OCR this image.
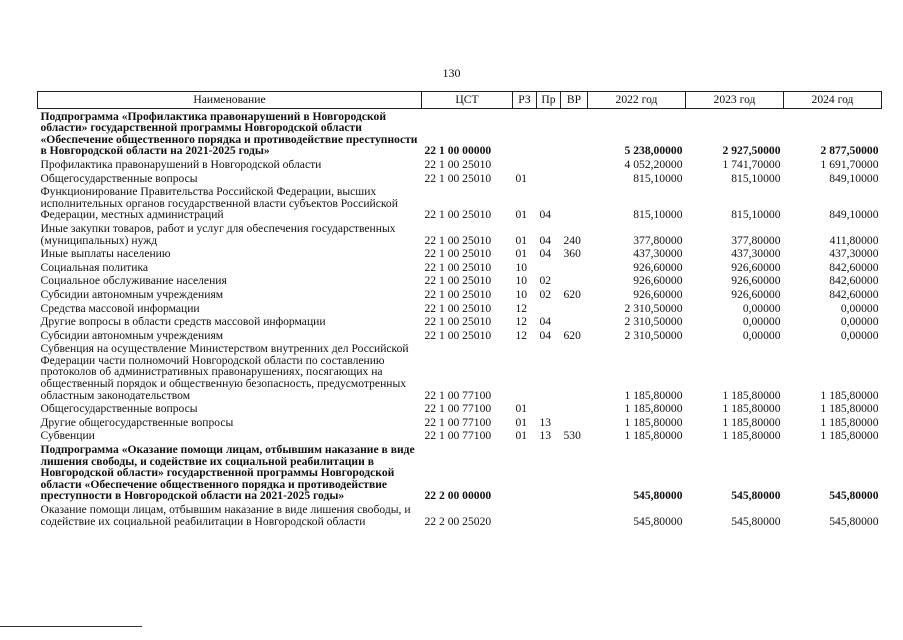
130
Наименование	ЦСТ	РЗ	Пр	ВР	2022 год	2023 год	2024 год
Подпрограмма «Профилактика правонарушений в Новгородской области» государственной программы Новгородской области «Обеспечение общественного порядка и противодействие преступности в Новгородской области на 2021-2025 годы»	22 1 00 00000				5 238,00000	2 927,50000	2 877,50000
Профилактика правонарушений в Новгородской области	22 1 00 25010				4 052,20000	1 741,70000	1 691,70000
Общегосударственные вопросы	22 1 00 25010	01			815,10000	815,10000	849,10000
Функционирование Правительства Российской Федерации, высших исполнительных органов государственной власти субъектов Российской Федерации, местных администраций	22 1 00 25010	01	04		815,10000	815,10000	849,10000
Иные закупки товаров, работ и услуг для обеспечения государственных (муниципальных) нужд	22 1 00 25010	01	04	240	377,80000	377,80000	411,80000
Иные выплаты населению	22 1 00 25010	01	04	360	437,30000	437,30000	437,30000
Социальная политика	22 1 00 25010	10			926,60000	926,60000	842,60000
Социальное обслуживание населения	22 1 00 25010	10	02		926,60000	926,60000	842,60000
Субсидии автономным учреждениям	22 1 00 25010	10	02	620	926,60000	926,60000	842,60000
Средства массовой информации	22 1 00 25010	12			2 310,50000	0,00000	0,00000
Другие вопросы в области средств массовой информации	22 1 00 25010	12	04		2 310,50000	0,00000	0,00000
Субсидии автономным учреждениям	22 1 00 25010	12	04	620	2 310,50000	0,00000	0,00000
Субвенция на осуществление Министерством внутренних дел Российской Федерации части полномочий Новгородской области по составлению протоколов об административных правонарушениях, посягающих на общественный порядок и общественную безопасность, предусмотренных областным законодательством	22 1 00 77100				1 185,80000	1 185,80000	1 185,80000
Общегосударственные вопросы	22 1 00 77100	01			1 185,80000	1 185,80000	1 185,80000
Другие общегосударственные вопросы	22 1 00 77100	01	13		1 185,80000	1 185,80000	1 185,80000
Субвенции	22 1 00 77100	01	13	530	1 185,80000	1 185,80000	1 185,80000
Подпрограмма «Оказание помощи лицам, отбывшим наказание в виде лишения свободы, и содействие их социальной реабилитации в Новгородской области» государственной программы Новгородской области «Обеспечение общественного порядка и противодействие преступности в Новгородской области на 2021-2025 годы»	22 2 00 00000				545,80000	545,80000	545,80000
Оказание помощи лицам, отбывшим наказание в виде лишения свободы, и содействие их социальной реабилитации в Новгородской области	22 2 00 25020				545,80000	545,80000	545,80000
